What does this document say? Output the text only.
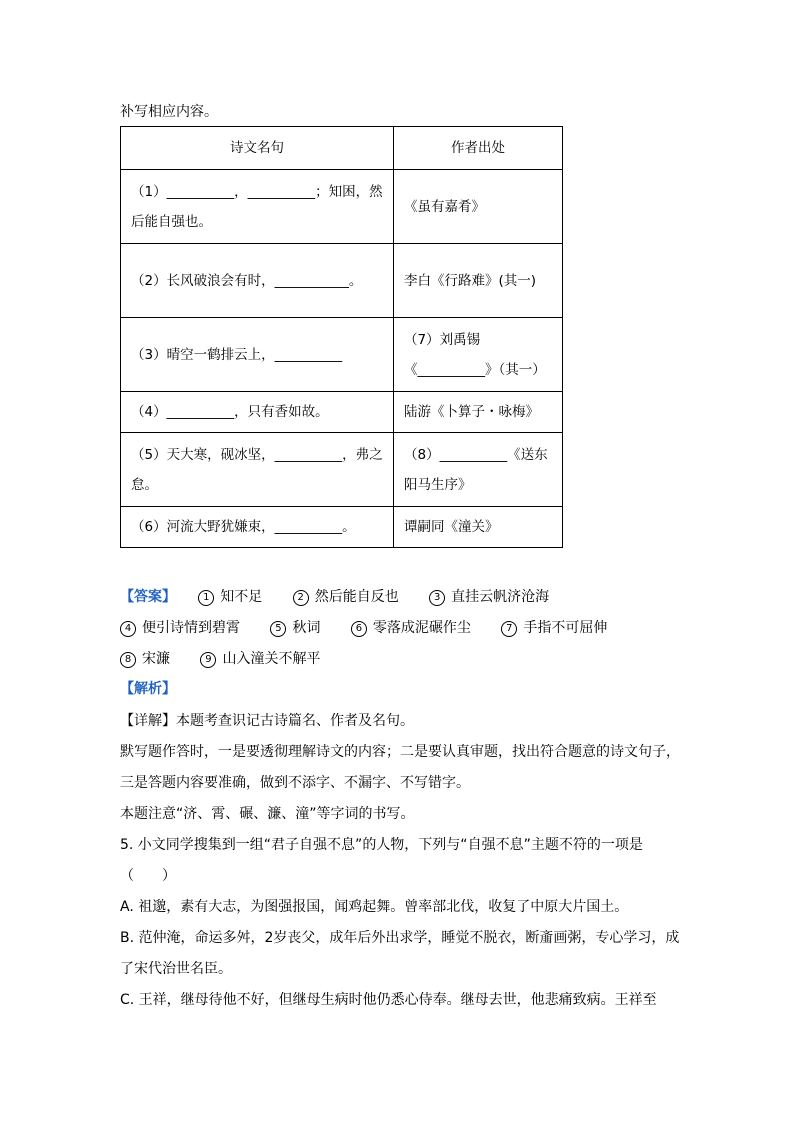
补写相应内容。
诗文名句	作者出处
（1）__________，__________；知困，然后能自强也。	《虽有嘉肴》
（2）长风破浪会有时，___________。	李白《行路难》(其一)
（3）晴空一鹤排云上，__________	（7）刘禹锡《__________》（其一）
（4）__________，只有香如故。	陆游《卜算子・咏梅》
（5）天大寒，砚冰坚，__________，弗之怠。	（8）__________《送东阳马生序》
（6）河流大野犹嫌束，__________。	谭嗣同《潼关》
【答案】	1 知不足	2 然后能自反也	3 直挂云帆济沧海 4 便引诗情到碧霄	5 秋词	6 零落成泥碾作尘	7 手指不可屈伸 8 宋濂	9 山入潼关不解平
【解析】

【详解】本题考查识记古诗篇名、作者及名句。

默写题作答时，一是要透彻理解诗文的内容；二是要认真审题，找出符合题意的诗文句子，三是答题内容要准确，做到不添字、不漏字、不写错字。

本题注意“济、霄、碾、濂、潼”等字词的书写。

5. 小文同学搜集到一组“君子自强不息”的人物，下列与“自强不息”主题不符的一项是（　　）

A. 祖邈，素有大志，为图强报国，闻鸡起舞。曾率部北伐，收复了中原大片国土。

B. 范仲淹，命运多舛，2岁丧父，成年后外出求学，睡觉不脱衣，断齑画粥，专心学习，成了宋代治世名臣。

C. 王祥，继母待他不好，但继母生病时他仍悉心侍奉。继母去世，他悲痛致病。王祥至
